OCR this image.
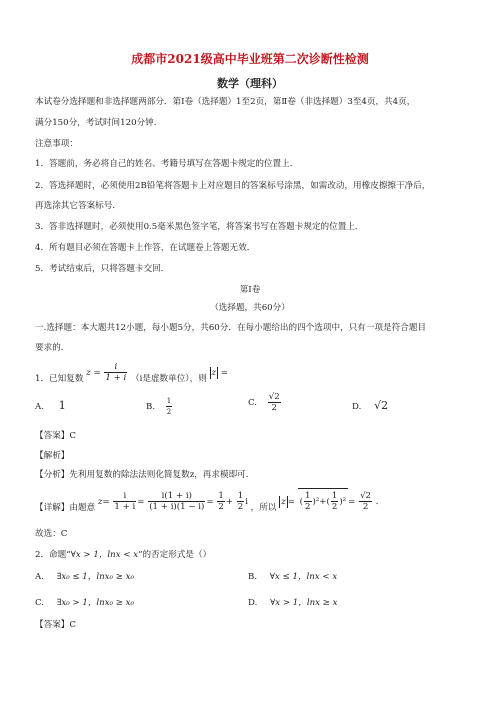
成都市2021级高中毕业班第二次诊断性检测
数学（理科）
本试卷分选择题和非选择题两部分．第Ⅰ卷（选择题）1至2页，第Ⅱ卷（非选择题）3至4页，共4页，
满分150分，考试时间120分钟．
注意事项：
1．答题前，务必将自己的姓名、考籍号填写在答题卡规定的位置上．
2．答选择题时，必须使用2B铅笔将答题卡上对应题目的答案标号涂黑，如需改动，用橡皮擦擦干净后，
再选涂其它答案标号．
3．答非选择题时，必须使用0.5毫米黑色签字笔，将答案书写在答题卡规定的位置上．
4．所有题目必须在答题卡上作答，在试题卷上答题无效．
5．考试结束后，只将答题卡交回．
第Ⅰ卷
（选择题，共60分）
一.选择题：本大题共12小题，每小题5分，共60分．在每小题给出的四个选项中，只有一项是符合题目
要求的．
1．已知复数 $z = \frac{i}{1 + i} (i$是虚数单位），则 z =
A. 1	B. $\frac{1}{2}$	C. $\frac{√2}{2}$	D. √2
【答案】C
【解析】
【分析】先利用复数的除法法则化简复数z，再求模即可．
【详解】由题意 $z= \frac{i}{1 + i} = \frac{i(1 + i)}{(1 + i)(1 - i)} = \frac{1}{2} + \frac{1}{2}$ i ，所以 z = ( $\frac{1}{2} )^2+( \frac{1}{2} )^2= \frac{√2}{2}$ ．
故选：C
2．命题“∀x > 1，lnx < x”的否定形式是（）
A. ∃x₀ ≤ 1，lnx₀ ≥ x₀	B. ∀x ≤ 1，lnx < x
C. ∃x₀ > 1，lnx₀ ≥ x₀	D. ∀x > 1，lnx ≥ x
【答案】C
